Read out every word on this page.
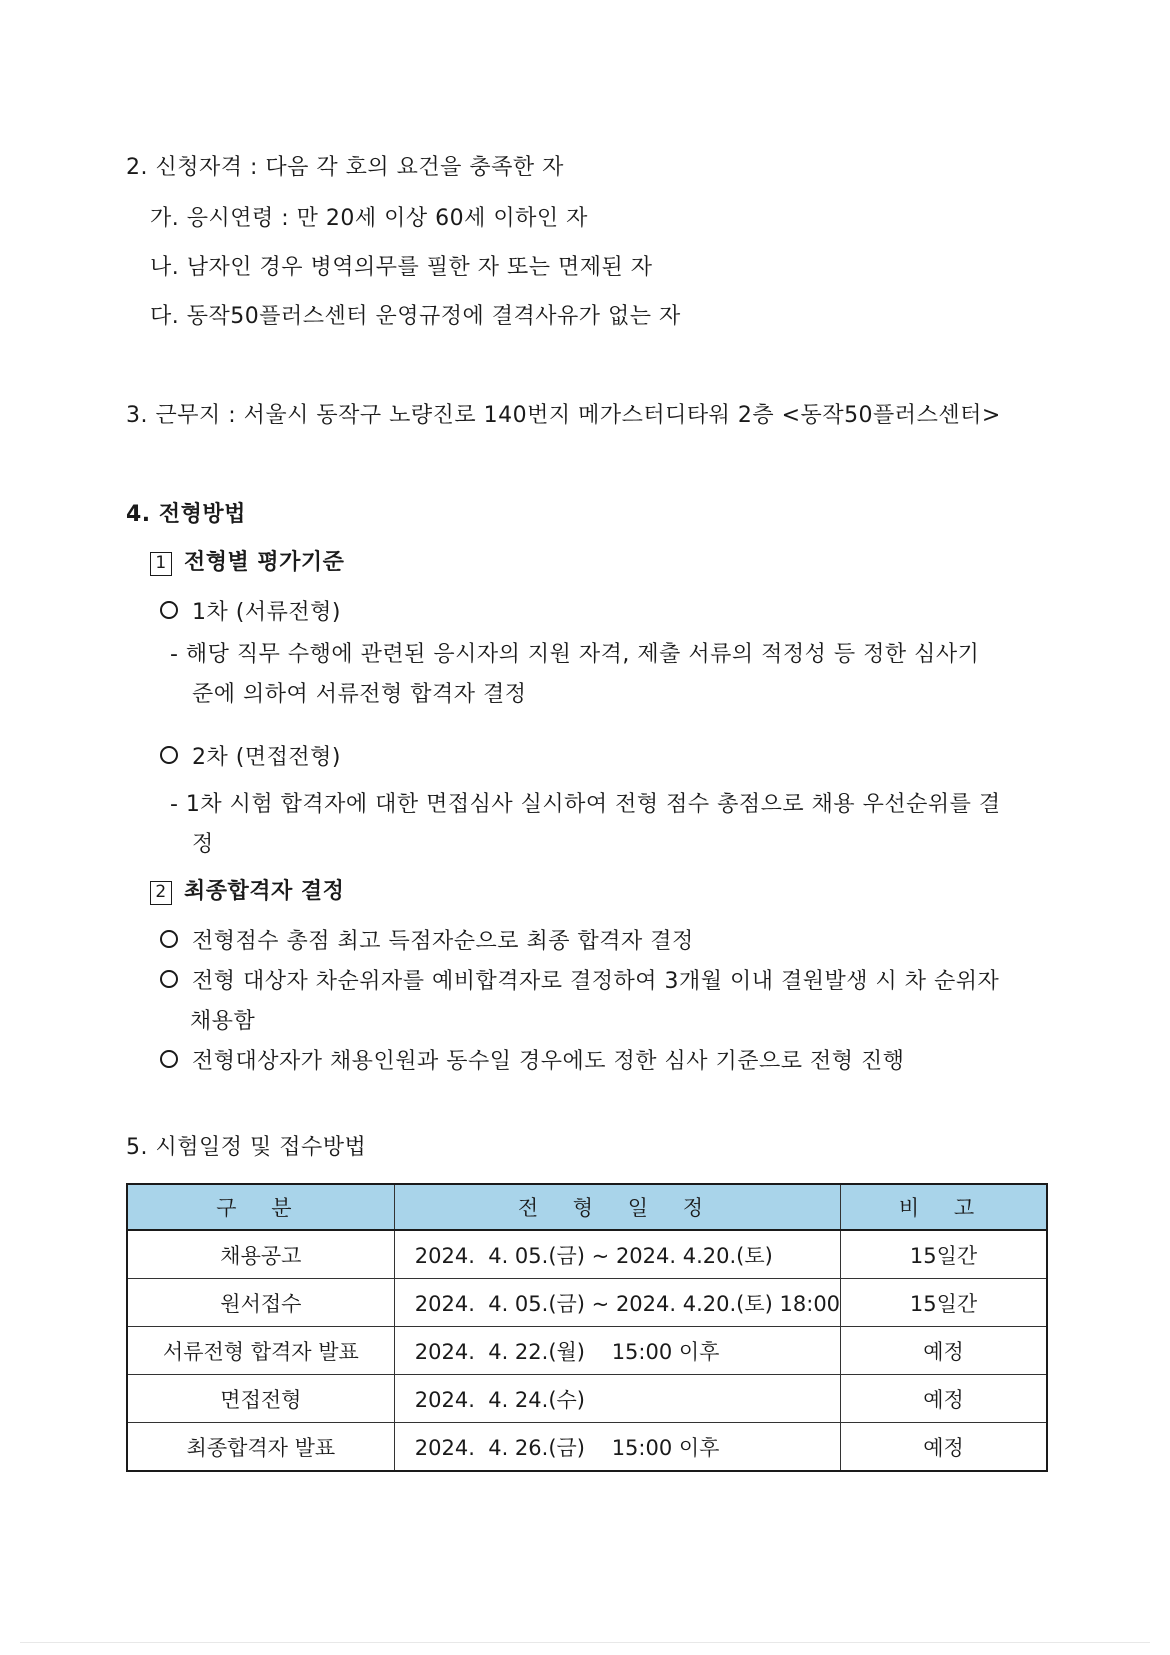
2. 신청자격 : 다음 각 호의 요건을 충족한 자
가. 응시연령 : 만 20세 이상 60세 이하인 자
나. 남자인 경우 병역의무를 필한 자 또는 면제된 자
다. 동작50플러스센터 운영규정에 결격사유가 없는 자
3. 근무지 : 서울시 동작구 노량진로 140번지 메가스터디타워 2층 <동작50플러스센터>
4. 전형방법
1 전형별 평가기준
1차 (서류전형)
- 해당 직무 수행에 관련된 응시자의 지원 자격, 제출 서류의 적정성 등 정한 심사기
준에 의하여 서류전형 합격자 결정
2차 (면접전형)
- 1차 시험 합격자에 대한 면접심사 실시하여 전형 점수 총점으로 채용 우선순위를 결
정
2 최종합격자 결정
전형점수 총점 최고 득점자순으로 최종 합격자 결정
전형 대상자 차순위자를 예비합격자로 결정하여 3개월 이내 결원발생 시 차 순위자
채용함
전형대상자가 채용인원과 동수일 경우에도 정한 심사 기준으로 전형 진행
5. 시험일정 및 접수방법
구 분	전 형 일 정	비 고
채용공고	2024.  4. 05.(금) ~ 2024. 4.20.(토)	15일간
원서접수	2024.  4. 05.(금) ~ 2024. 4.20.(토) 18:00	15일간
서류전형 합격자 발표	2024.  4. 22.(월)    15:00 이후	예정
면접전형	2024.  4. 24.(수)	예정
최종합격자 발표	2024.  4. 26.(금)    15:00 이후	예정
